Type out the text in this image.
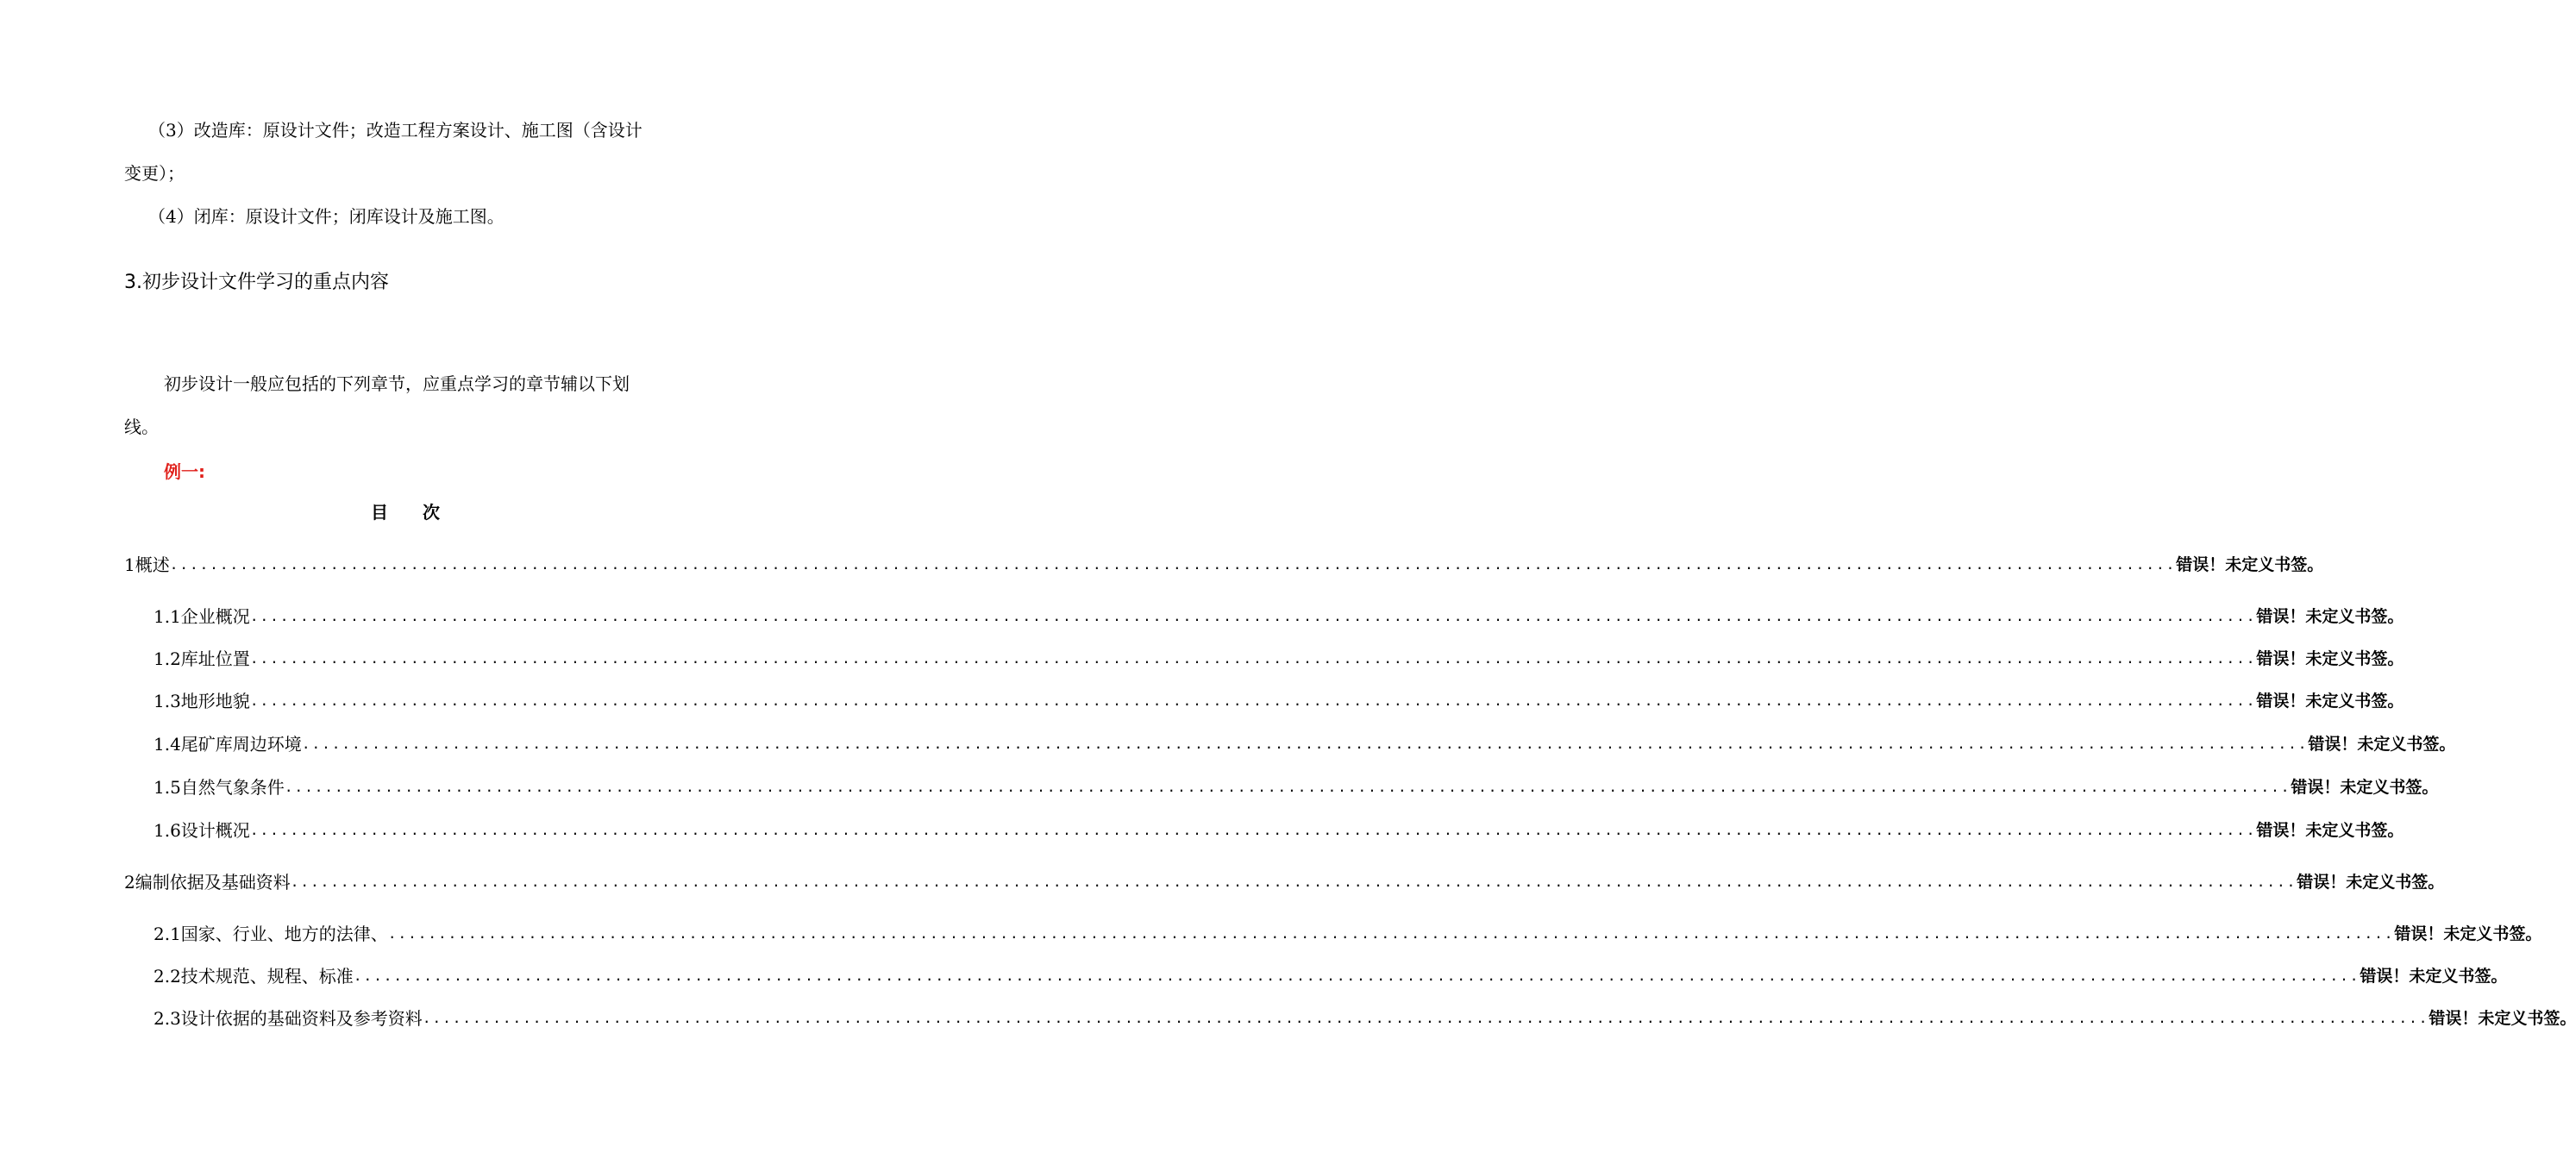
（3）改造库：原设计文件；改造工程方案设计、施工图（含设计
变更）；
（4）闭库：原设计文件；闭库设计及施工图。
3.初步设计文件学习的重点内容
初步设计一般应包括的下列章节，应重点学习的章节辅以下划
线。
例一:
目 次
1概述 ........................................................................................................................................................................................................ 错误！未定义书签。
1.1企业概况 ........................................................................................................................................................................................................ 错误！未定义书签。
1.2库址位置 ........................................................................................................................................................................................................ 错误！未定义书签。
1.3地形地貌 ........................................................................................................................................................................................................ 错误！未定义书签。
1.4尾矿库周边环境 ........................................................................................................................................................................................................ 错误！未定义书签。
1.5自然气象条件 ........................................................................................................................................................................................................ 错误！未定义书签。
1.6设计概况 ........................................................................................................................................................................................................ 错误！未定义书签。
2编制依据及基础资料 ........................................................................................................................................................................................................ 错误！未定义书签。
2.1国家、行业、地方的法律、 ........................................................................................................................................................................................................ 错误！未定义书签。
2.2技术规范、规程、标准 ........................................................................................................................................................................................................ 错误！未定义书签。
2.3设计依据的基础资料及参考资料 ........................................................................................................................................................................................................ 错误！未定义书签。
